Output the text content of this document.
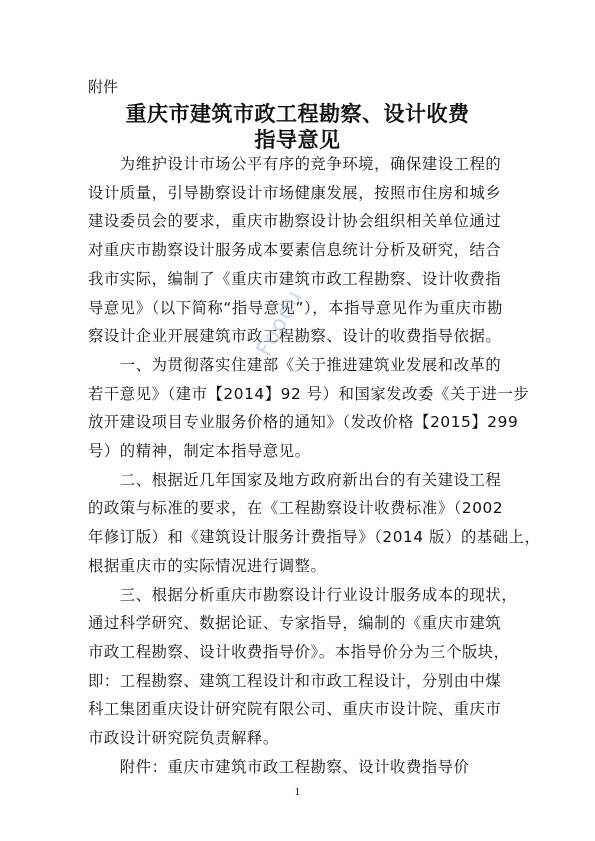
附件
重庆市建筑市政工程勘察、设计收费
指导意见
　　为维护设计市场公平有序的竞争环境，确保建设工程的
设计质量，引导勘察设计市场健康发展，按照市住房和城乡
建设委员会的要求，重庆市勘察设计协会组织相关单位通过
对重庆市勘察设计服务成本要素信息统计分析及研究，结合
我市实际，编制了《重庆市建筑市政工程勘察、设计收费指
导意见》（以下简称“指导意见”），本指导意见作为重庆市勘
察设计企业开展建筑市政工程勘察、设计的收费指导依据。
　　一、为贯彻落实住建部《关于推进建筑业发展和改革的
若干意见》（建市【2014】92 号）和国家发改委《关于进一步
放开建设项目专业服务价格的通知》（发改价格【2015】299
号）的精神，制定本指导意见。
　　二、根据近几年国家及地方政府新出台的有关建设工程
的政策与标准的要求，在《工程勘察设计收费标准》（2002
年修订版）和《建筑设计服务计费指导》（2014 版）的基础上，
根据重庆市的实际情况进行调整。
　　三、根据分析重庆市勘察设计行业设计服务成本的现状，
通过科学研究、数据论证、专家指导，编制的《重庆市建筑
市政工程勘察、设计收费指导价》。本指导价分为三个版块，
即：工程勘察、建筑工程设计和市政工程设计，分别由中煤
科工集团重庆设计研究院有限公司、重庆市设计院、重庆市
市政设计研究院负责解释。
　　附件：重庆市建筑市政工程勘察、设计收费指导价
Foodu
1
